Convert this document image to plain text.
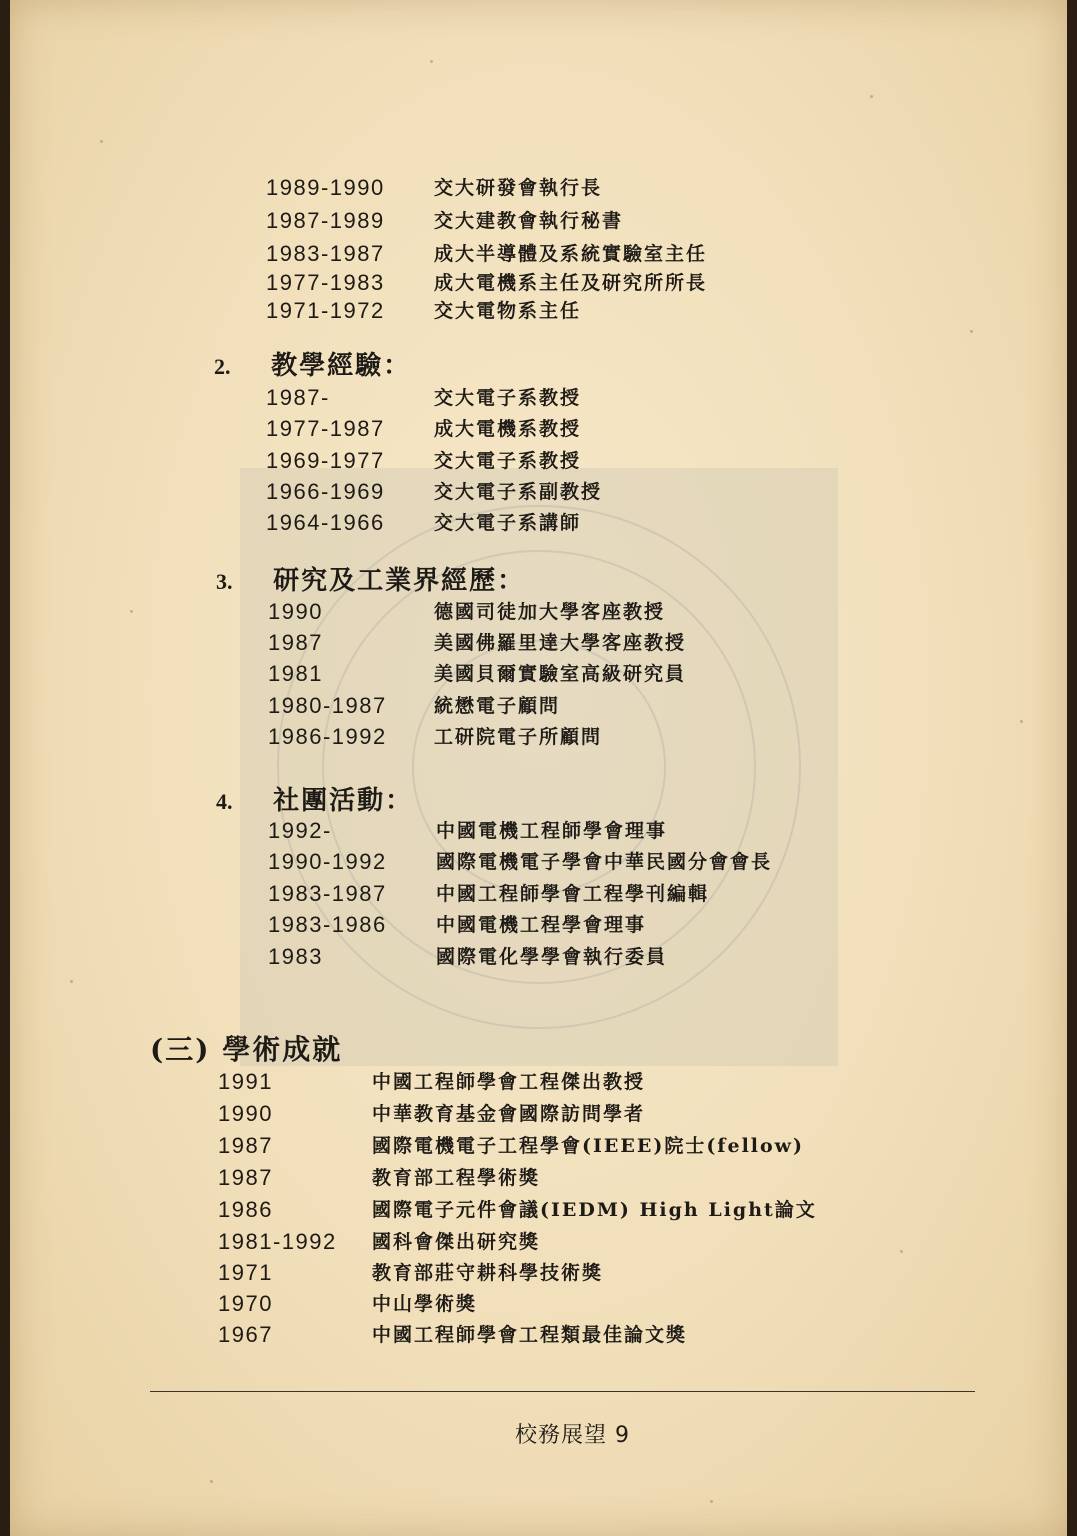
1989-1990	交大研發會執行長
1987-1989	交大建教會執行秘書
1983-1987	成大半導體及系統實驗室主任
1977-1983	成大電機系主任及研究所所長
1971-1972	交大電物系主任
2. 教學經驗：
1987-	交大電子系教授
1977-1987	成大電機系教授
1969-1977	交大電子系教授
1966-1969	交大電子系副教授
1964-1966	交大電子系講師
3. 研究及工業界經歷：
1990	德國司徒加大學客座教授
1987	美國佛羅里達大學客座教授
1981	美國貝爾實驗室高級研究員
1980-1987 統懋電子顧問
1986-1992 工研院電子所顧問
4. 社團活動：
1992-	中國電機工程師學會理事
1990-1992	國際電機電子學會中華民國分會會長
1983-1987	中國工程師學會工程學刊編輯
1983-1986	中國電機工程學會理事
1983	國際電化學學會執行委員
(三) 學術成就
1991	中國工程師學會工程傑出教授
1990	中華教育基金會國際訪問學者
1987	國際電機電子工程學會(IEEE)院士(fellow)
1987	教育部工程學術獎
1986	國際電子元件會議(IEDM) High Light論文
1981-1992 國科會傑出研究獎
1971	教育部莊守耕科學技術獎
1970	中山學術獎
1967	中國工程師學會工程類最佳論文獎
校務展望 9
